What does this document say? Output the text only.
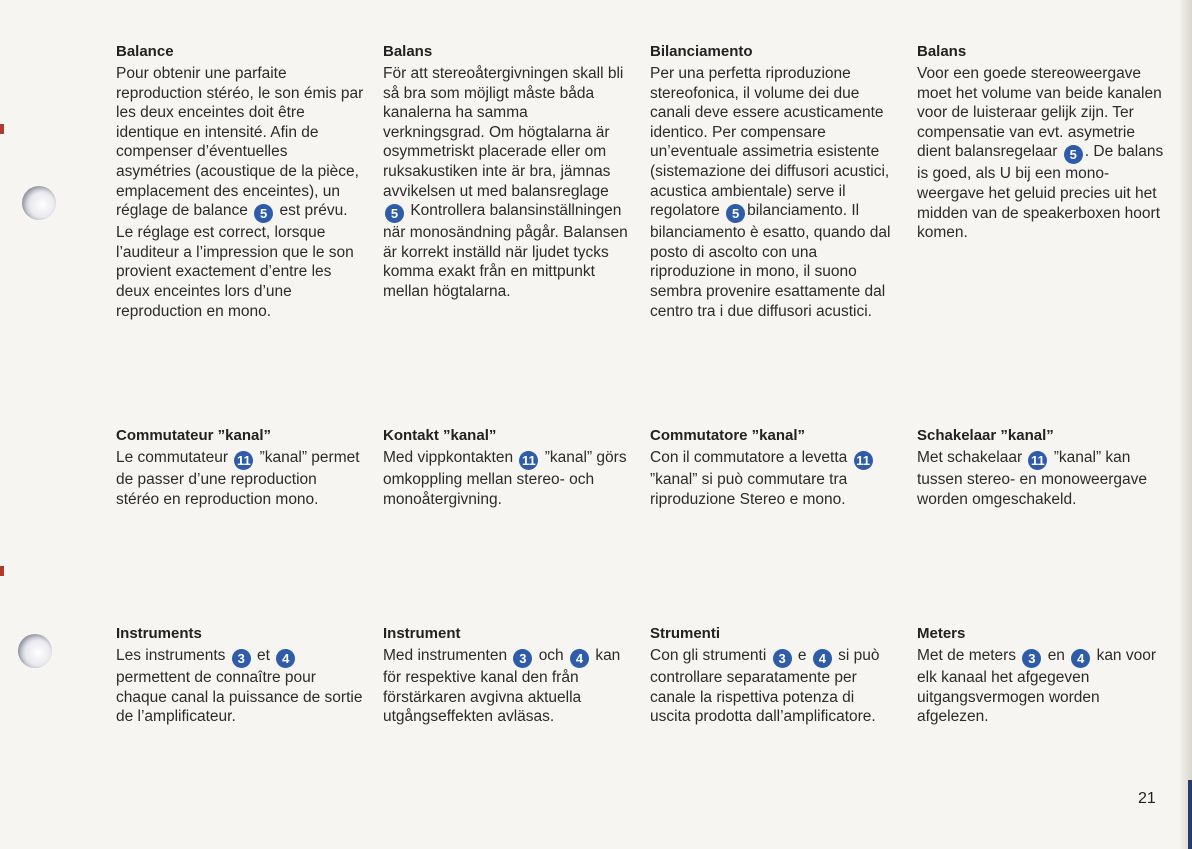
Balance

Pour obtenir une parfaite reproduction stéréo, le son émis par les deux enceintes doit être identique en intensité. Afin de compenser d’éventuelles asymétries (acoustique de la pièce, emplacement des enceintes), un réglage de balance 5 est prévu. Le réglage est correct, lorsque l’auditeur a l’impression que le son provient exactement d’entre les deux enceintes lors d’une reproduction en mono.

Commutateur ”kanal”

Le commutateur 11 ”kanal” permet de passer d’une reproduction stéréo en reproduction mono.

Instruments

Les instruments 3 et 4 permettent de connaître pour chaque canal la puissance de sortie de l’amplificateur.

Balans

För att stereoåtergivningen skall bli så bra som möjligt måste båda kanalerna ha samma verkningsgrad. Om högtalarna är osymmetriskt placerade eller om ruksakustiken inte är bra, jämnas avvikelsen ut med balansreglage 5 Kontrollera balansinställningen när monosändning pågår. Balansen är korrekt inställd när ljudet tycks komma exakt från en mittpunkt mellan högtalarna.

Kontakt ”kanal”

Med vippkontakten 11 ”kanal” görs omkoppling mellan stereo- och monoåtergivning.

Instrument

Med instrumenten 3 och 4 kan för respektive kanal den från förstärkaren avgivna aktuella utgångseffekten avläsas.

Bilanciamento

Per una perfetta riproduzione stereofonica, il volume dei due canali deve essere acusticamente identico. Per compensare un’eventuale assimetria esistente (sistemazione dei diffusori acustici, acustica ambientale) serve il regolatore 5 bilanciamento. Il bilanciamento è esatto, quando dal posto di ascolto con una riproduzione in mono, il suono sembra provenire esattamente dal centro tra i due diffusori acustici.

Commutatore ”kanal”

Con il commutatore a levetta 11 ”kanal” si può commutare tra riproduzione Stereo e mono.

Strumenti

Con gli strumenti 3 e 4 si può controllare separatamente per canale la rispettiva potenza di uscita prodotta dall’amplificatore.

Balans

Voor een goede stereoweergave moet het volume van beide kanalen voor de luisteraar gelijk zijn. Ter compensatie van evt. asymetrie dient balansregelaar 5 . De balans is goed, als U bij een mono-weergave het geluid precies uit het midden van de speakerboxen hoort komen.

Schakelaar ”kanal”

Met schakelaar 11 ”kanal” kan tussen stereo- en monoweergave worden omgeschakeld.

Meters

Met de meters 3 en 4 kan voor elk kanaal het afgegeven uitgangsvermogen worden afgelezen.

21
